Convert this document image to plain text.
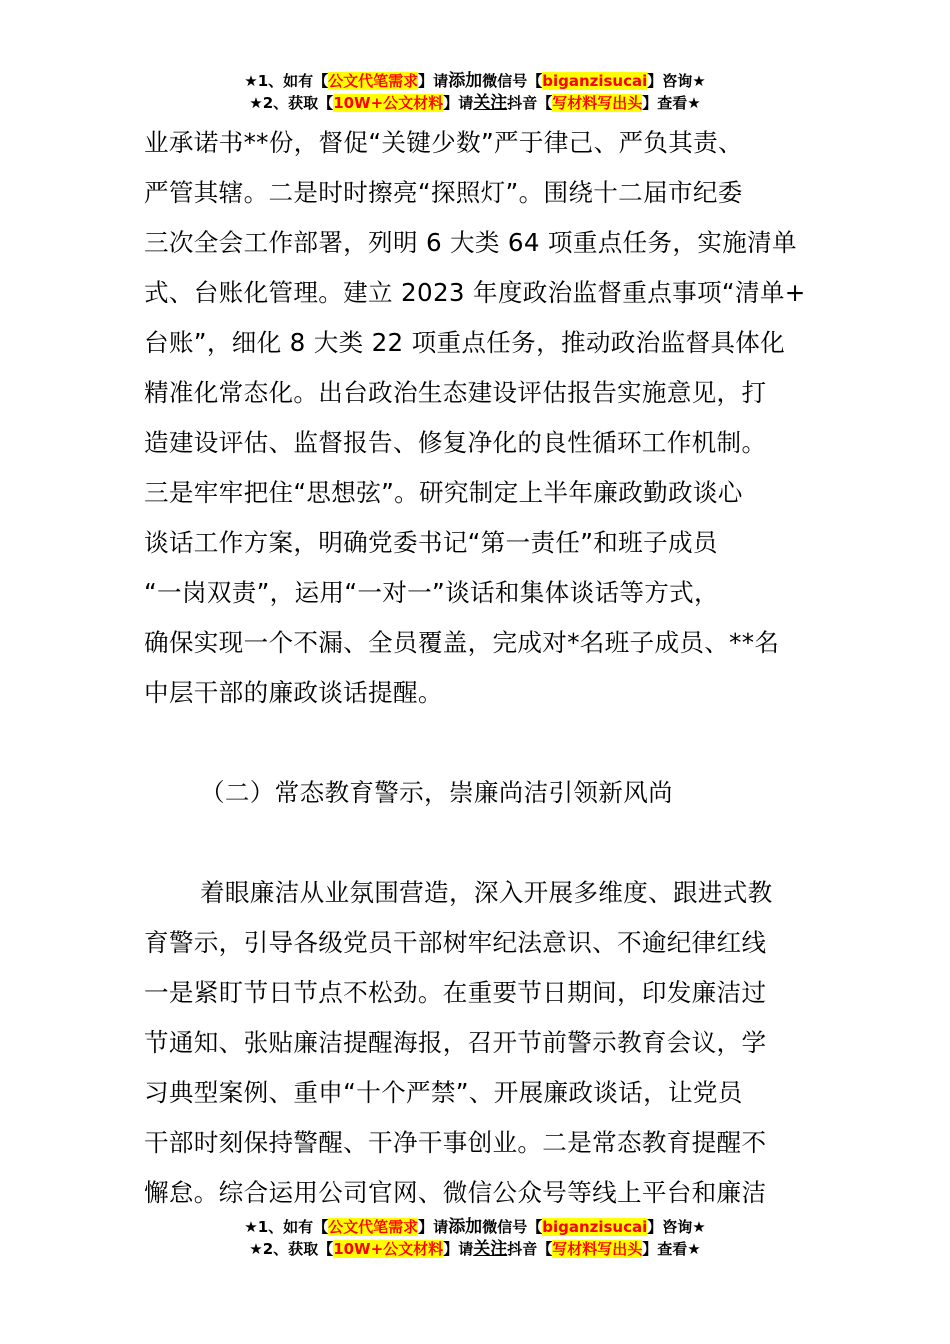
★1、如有【公文代笔需求】请添加微信号【biganzisucai】咨询★
★2、获取【10W+公文材料】请关注抖音【写材料写出头】查看★
业承诺书**份，督促“关键少数”严于律己、严负其责、
严管其辖。二是时时擦亮“探照灯”。围绕十二届市纪委
三次全会工作部署，列明 6 大类 64 项重点任务，实施清单
式、台账化管理。建立 2023 年度政治监督重点事项“清单+
台账”，细化 8 大类 22 项重点任务，推动政治监督具体化
精准化常态化。出台政治生态建设评估报告实施意见，打
造建设评估、监督报告、修复净化的良性循环工作机制。
三是牢牢把住“思想弦”。研究制定上半年廉政勤政谈心
谈话工作方案，明确党委书记“第一责任”和班子成员
“一岗双责”，运用“一对一”谈话和集体谈话等方式，
确保实现一个不漏、全员覆盖，完成对*名班子成员、**名
中层干部的廉政谈话提醒。
（二）常态教育警示，崇廉尚洁引领新风尚
着眼廉洁从业氛围营造，深入开展多维度、跟进式教
育警示，引导各级党员干部树牢纪法意识、不逾纪律红线
一是紧盯节日节点不松劲。在重要节日期间，印发廉洁过
节通知、张贴廉洁提醒海报，召开节前警示教育会议，学
习典型案例、重申“十个严禁”、开展廉政谈话，让党员
干部时刻保持警醒、干净干事创业。二是常态教育提醒不
懈怠。综合运用公司官网、微信公众号等线上平台和廉洁
★1、如有【公文代笔需求】请添加微信号【biganzisucai】咨询★
★2、获取【10W+公文材料】请关注抖音【写材料写出头】查看★
